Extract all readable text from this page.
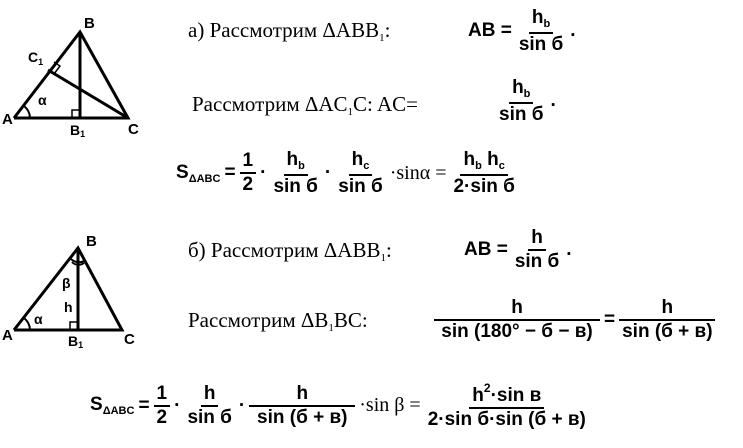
B
$C_1$
α
A
B1	C
B
β
h
α
A	B1	C
а) Рассмотрим $\Delta ABB_1$:	AB = $\frac{h_b}{\text{sin б}}$ .
Рассмотрим $\Delta AC_1C$: AC=	$\frac{h_b}{\text{sin б}}$ .
$S_{\Delta ABC} = \frac{1}{2} \cdot \frac{h_b}{\text{sin б}} \cdot \frac{h_c}{\text{sin б}} \cdot\sin\alpha = \frac{h_b h_c}{\text{2·sin б}}$
б) Рассмотрим $\Delta ABB_1$:	AB = $\frac{h}{\text{sin б}}$ .
Рассмотрим $\Delta B_1BC$:	$\frac{h}{\sin (180^\circ - б - в)} = \frac{h}{\sin (б + в)}$
$S_{\Delta ABC} = \frac{1}{2} \cdot \frac{h}{\text{sin б}} \cdot \frac{h}{\sin (б + в)} \cdot\sin$ $\beta = \frac{h^2\cdot\sin в}{\text{2·sin б·sin (б + в)}}$
